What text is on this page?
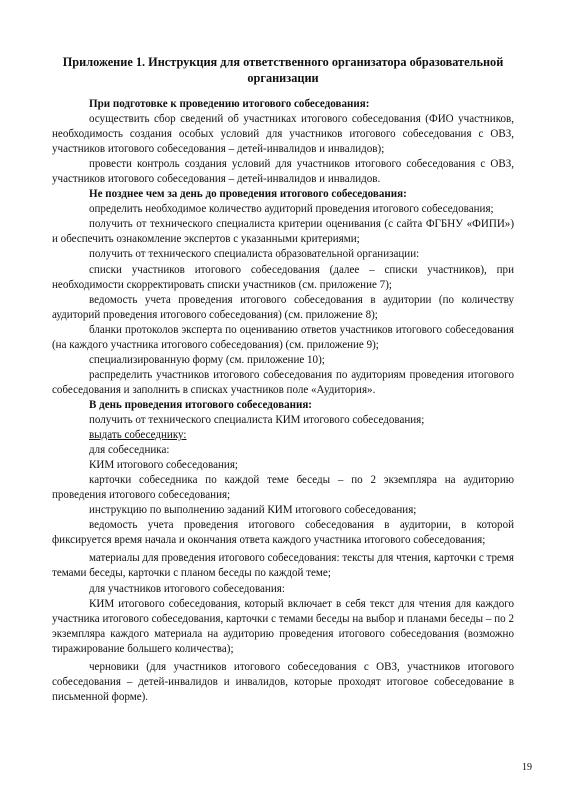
Приложение 1. Инструкция для ответственного организатора образовательной организации

При подготовке к проведению итогового собеседования:

осуществить сбор сведений об участниках итогового собеседования (ФИО участников, необходимость создания особых условий для участников итогового собеседования с ОВЗ, участников итогового собеседования – детей-инвалидов и инвалидов);

провести контроль создания условий для участников итогового собеседования с ОВЗ, участников итогового собеседования – детей-инвалидов и инвалидов.

Не позднее чем за день до проведения итогового собеседования:

определить необходимое количество аудиторий проведения итогового собеседования;

получить от технического специалиста критерии оценивания (с сайта ФГБНУ «ФИПИ») и обеспечить ознакомление экспертов с указанными критериями;

получить от технического специалиста образовательной организации:

списки участников итогового собеседования (далее – списки участников), при необходимости скорректировать списки участников (см. приложение 7);

ведомость учета проведения итогового собеседования в аудитории (по количеству аудиторий проведения итогового собеседования) (см. приложение 8);

бланки протоколов эксперта по оцениванию ответов участников итогового собеседования (на каждого участника итогового собеседования) (см. приложение 9);

специализированную форму (см. приложение 10);

распределить участников итогового собеседования по аудиториям проведения итогового собеседования и заполнить в списках участников поле «Аудитория».

В день проведения итогового собеседования:

получить от технического специалиста КИМ итогового собеседования;

выдать собеседнику:

для собеседника:

КИМ итогового собеседования;

карточки собеседника по каждой теме беседы – по 2 экземпляра на аудиторию проведения итогового собеседования;

инструкцию по выполнению заданий КИМ итогового собеседования;

ведомость учета проведения итогового собеседования в аудитории, в которой фиксируется время начала и окончания ответа каждого участника итогового собеседования;

материалы для проведения итогового собеседования: тексты для чтения, карточки с тремя темами беседы, карточки с планом беседы по каждой теме;

для участников итогового собеседования:

КИМ итогового собеседования, который включает в себя текст для чтения для каждого участника итогового собеседования, карточки с темами беседы на выбор и планами беседы – по 2 экземпляра каждого материала на аудиторию проведения итогового собеседования (возможно тиражирование большего количества);

черновики (для участников итогового собеседования с ОВЗ, участников итогового собеседования – детей-инвалидов и инвалидов, которые проходят итоговое собеседование в письменной форме).

19
